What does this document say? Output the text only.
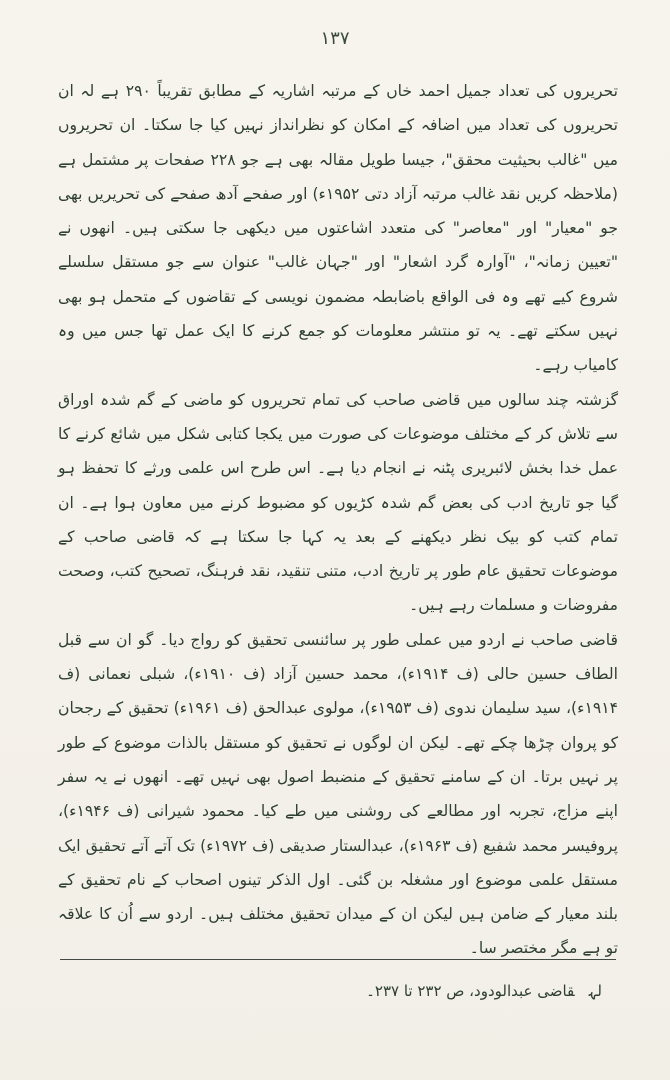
۱۳۷

تحریروں کی تعداد جمیل احمد خاں کے مرتبہ اشاریہ کے مطابق تقریباً ۲۹۰ ہے لہ ان تحریروں کی تعداد میں اضافہ کے امکان کو نظرانداز نہیں کیا جا سکتا۔ ان تحریروں میں "غالب بحیثیت محقق"، جیسا طویل مقالہ بھی ہے جو ۲۲۸ صفحات پر مشتمل ہے (ملاحظہ کریں نقد غالب مرتبہ آزاد دتی ۱۹۵۲ء) اور صفحے آدھ صفحے کی تحریریں بھی جو "معیار" اور "معاصر" کی متعدد اشاعتوں میں دیکھی جا سکتی ہیں۔ انھوں نے "تعیین زمانہ"، "آوارہ گرد اشعار" اور "جہان غالب" عنوان سے جو مستقل سلسلے شروع کیے تھے وہ فی الواقع باضابطہ مضمون نویسی کے تقاضوں کے متحمل ہو بھی نہیں سکتے تھے۔ یہ تو منتشر معلومات کو جمع کرنے کا ایک عمل تھا جس میں وہ کامیاب رہے۔

گزشتہ چند سالوں میں قاضی صاحب کی تمام تحریروں کو ماضی کے گم شدہ اوراق سے تلاش کر کے مختلف موضوعات کی صورت میں یکجا کتابی شکل میں شائع کرنے کا عمل خدا بخش لائبریری پٹنہ نے انجام دیا ہے۔ اس طرح اس علمی ورثے کا تحفظ ہو گیا جو تاریخ ادب کی بعض گم شدہ کڑیوں کو مضبوط کرنے میں معاون ہوا ہے۔ ان تمام کتب کو بیک نظر دیکھنے کے بعد یہ کہا جا سکتا ہے کہ قاضی صاحب کے موضوعات تحقیق عام طور پر تاریخ ادب، متنی تنقید، نقد فرہنگ، تصحیح کتب، وصحت مفروضات و مسلمات رہے ہیں۔

قاضی صاحب نے اردو میں عملی طور پر سائنسی تحقیق کو رواج دیا۔ گو ان سے قبل الطاف حسین حالی (ف ۱۹۱۴ء)، محمد حسین آزاد (ف ۱۹۱۰ء)، شبلی نعمانی (ف ۱۹۱۴ء)، سید سلیمان ندوی (ف ۱۹۵۳ء)، مولوی عبدالحق (ف ۱۹۶۱ء) تحقیق کے رجحان کو پروان چڑھا چکے تھے۔ لیکن ان لوگوں نے تحقیق کو مستقل بالذات موضوع کے طور پر نہیں برتا۔ ان کے سامنے تحقیق کے منضبط اصول بھی نہیں تھے۔ انھوں نے یہ سفر اپنے مزاج، تجربہ اور مطالعے کی روشنی میں طے کیا۔ محمود شیرانی (ف ۱۹۴۶ء)، پروفیسر محمد شفیع (ف ۱۹۶۳ء)، عبدالستار صدیقی (ف ۱۹۷۲ء) تک آتے آتے تحقیق ایک مستقل علمی موضوع اور مشغلہ بن گئی۔ اول الذکر تینوں اصحاب کے نام تحقیق کے بلند معیار کے ضامن ہیں لیکن ان کے میدان تحقیق مختلف ہیں۔ اردو سے اُن کا علاقہ تو ہے مگر مختصر سا۔

لہقاضی عبدالودود، ص ۲۳۲ تا ۲۳۷۔
